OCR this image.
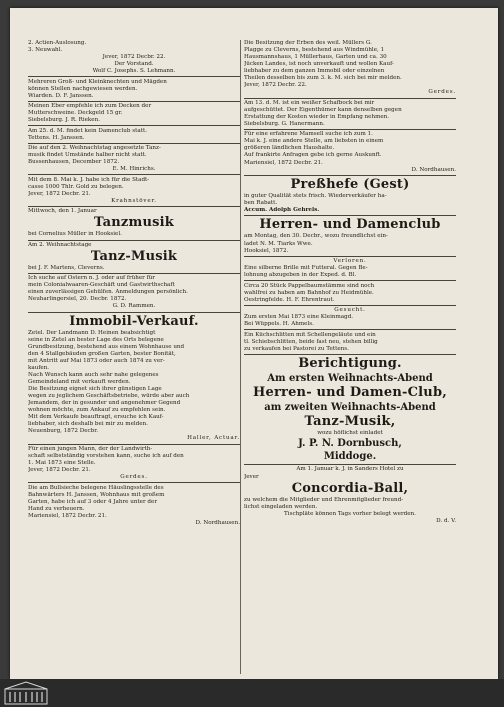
2. Actien-Auslosung.
3. Neuwahl.
Jever, 1872 Decbr. 22.
Der Vorstand.
Wolf C. Josephs. S. Lehmann.
Mehreren Groß- und Kleinknechten und Mägden
können Stellen nachgewiesen werden.
Wiarden. D. F. Janssen.
Meinen Eber empfehle ich zum Decken der
Mutterschweine. Deckgeld 15 gr.
Siebelsburg. J. R. Rieken.
Am 25. d. M. findet kein Damenclub statt.
Tettens. H. Janssen.
Die auf den 2. Weihnachtstag angesetzte Tanz-
musik findet Umstände halber nicht statt.
Bussenhausen, December 1872.
E. M. Hinrichs.
Mit dem 8. Mai k. J. habe ich für die Stadt-
casse 1000 Thlr. Gold zu belegen.
Jever, 1872 Decbr. 21.
Krahnstöver.
Mittwoch, den 1. Januar
Tanzmusik
bei Cornelius Müller in Hooksiel.
Am 2. Weihnachtstage
Tanz-Musik
bei J. F. Martens, Cleverns.
Ich suche auf Ostern n. J. oder auf früher für
mein Colonialwaaren-Geschäft und Gastwirthschaft
einen zuverlässigen Gehülfen. Anmeldungen persönlich.
Neuharlingersiel, 20. Decbr. 1872.
G. D. Rammen.
Immobil-Verkauf.
Zetel. Der Landmann D. Heinen beabsichtigt
seine in Zetel an bester Lage des Orts belegene
Grundbesitzung, bestehend aus einem Wohnhause und
den 4 Stallgebäuden großen Garten, bester Bonität,
mit Antritt auf Mai 1873 oder auch 1874 zu ver-
kaufen.
Nach Wunsch kann auch sehr nahe gelegenes
Gemeindeland mit verkauft werden.
Die Besitzung eignet sich ihrer günstigen Lage
wegen zu jeglichem Geschäftsbetriebe, würde aber auch
Jemandem, der in gesunder und angenehmer Gegend
wohnen möchte, zum Ankauf zu empfehlen sein.
Mit dem Verkaufe beauftragt, ersuche ich Kauf-
liebhaber, sich deshalb bei mir zu melden.
Neuenburg, 1872 Decbr.
Haller, Actuar.
Für einen jungen Mann, der der Landwirth-
schaft selbstständig vorstehen kann, suche ich auf den
1. Mai 1873 eine Stelle.
Jever, 1872 Decbr. 21.
Gerdes.
Die am Bullsieche belegene Häuslingsstelle des
Bahnwärters H. Janssen, Wohnhaus mit großem
Garten, habe ich auf 3 oder 4 Jahre unter der
Hand zu verheuern.
Mariensiel, 1872 Decbr. 21.
D. Nordhausen.
Die Besitzung der Erben des weil. Müllers G.
Plagge zu Cleverns, bestehend aus Windmühle, 1
Hausmannshaus, 1 Müllerhaus, Garten und ca. 30
Jücken Landes, ist noch unverkauft und wollen Kauf-
liebhaber zu dem ganzen Immobil oder einzelnen
Theilen desselben bis zum 3. k. M. sich bei mir melden.
Jever, 1872 Decbr. 22.
Gerdes.
Am 13. d. M. ist ein weißer Schafbock bei mir
aufgeschüttet. Der Eigenthümer kann denselben gegen
Erstattung der Kosten wieder in Empfang nehmen.
Siebelsburg. G. Hanermann.
Für eine erfahrene Mamsell suche ich zum 1.
Mai k. J. eine andere Stelle, am liebsten in einem
größeren ländlichen Haushalte.
Auf frankirte Anfragen gebe ich gerne Auskunft.
Mariensiel, 1872 Decbr. 21.
D. Nordhausen.
Preßhefe (Gest)
in guter Qualität stets frisch. Wiederverkäufer ha-
ben Rabatt.
Accum. Adolph Gehrels.
Herren- und Damenclub
am Montag, den 30. Decbr., wozu freundlichst ein-
ladet N. M. Tiarks Wwe.
Hooksiel, 1872.
Verloren.
Eine silberne Brille mit Futteral. Gegen Be-
lohnung abzugeben in der Exped. d. Bl.
Circa 20 Stück Pappelbaumstämme sind noch
wahlfrei zu haben am Bahnhof zu Heidmühle.
Oestringfelde. H. F. Ehrentraut.
Gesucht.
Zum ersten Mai 1873 eine Kleinmagd.
Bei Wüppels. H. Ahmels.
Ein Küchschlitten mit Schellengeläute und ein
tl. Schiebschlitten, beide fast neu, stehen billig
zu verkaufen bei Pastorei zu Tettens.
Berichtigung.
Am ersten Weihnachts-Abend
Herren- und Damen-Club,
am zweiten Weihnachts-Abend
Tanz-Musik,
wozu höflichst einladet
J. P. N. Dornbusch,
Middoge.
Am 1. Januar k. J. in Sanders Hotel zu
Jever
Concordia-Ball,
zu welchem die Mitglieder und Ehrenmitglieder freund-
lichst eingeladen werden.
Tischpläte können Tags vorher belegt werden.
D. d. V.
